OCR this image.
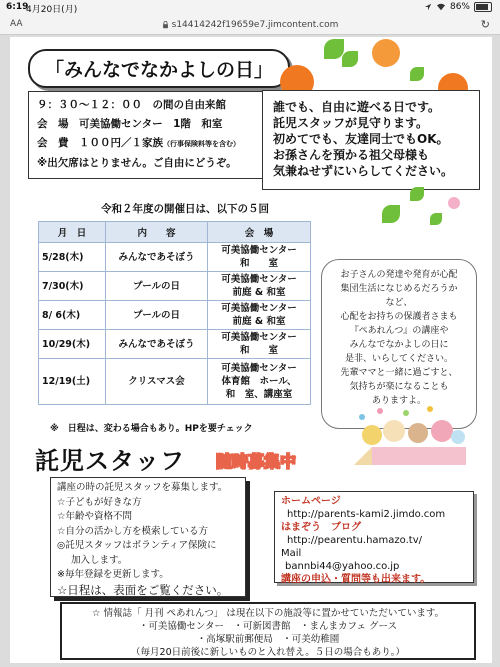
6:19
4月20日(月)	86%
AA	s14414242f19659e7.jimcontent.com	↻
「みんなでなかよしの日」
９：３０～１２：００　の間の自由来館
会　場　可美協働センター　1階　和室
会　費　１００円／１家族（行事保険料等を含む）
※出欠席はとりません。ご自由にどうぞ。
誰でも、自由に遊べる日です。
託児スタッフが見守ります。
初めてでも、友達同士でもOK。
お孫さんを預かる祖父母様も
気兼ねせずにいらしてください。
令和２年度の開催日は、以下の５回
月　日	内　　容	会　場
5/28(木)	みんなであそぼう	可美協働センター
和　　室

7/30(木)	プールの日	可美協働センター
前庭 & 和室

8/ 6(木)	プールの日	可美協働センター
前庭 & 和室

10/29(木)	みんなであそぼう	可美協働センター
和　　室

12/19(土)	クリスマス会	可美協働センター
体育館　ホール、
和　室、講座室
※　日程は、変わる場合もあり。HPを要チェック
お子さんの発達や発育が心配
集団生活になじめるだろうか
など、
心配をお持ちの保護者さまも
『ぺあれんつ』の講座や
みんなでなかよしの日に
是非、いらしてください。
先輩ママと一緒に過ごすと、
気持ちが楽になることも
ありますよ。
託児スタッフ 随時募集中
講座の時の託児スタッフを募集します。
☆子どもが好きな方
☆年齢や資格不問
☆自分の活かし方を模索している方
◎託児スタッフはボランティア保険に
加入します。
※毎年登録を更新します。
☆日程は、表面をご覧ください。
ホームページ
http://parents-kami2.jimdo.com
はまぞう　ブログ
http://pearentu.hamazo.tv/
Mail
bannbi44@yahoo.co.jp
講座の申込・質問等も出来ます。
☆ 情報誌「 月刊 ぺあれんつ」 は現在以下の施設等に置かせていただいています。
・可美協働センター　・可新図書館　・まんまカフェ グース
・高塚駅前郵便局　・可美幼稚園
（毎月20日前後に新しいものと入れ替え。５日の場合もあり。）
